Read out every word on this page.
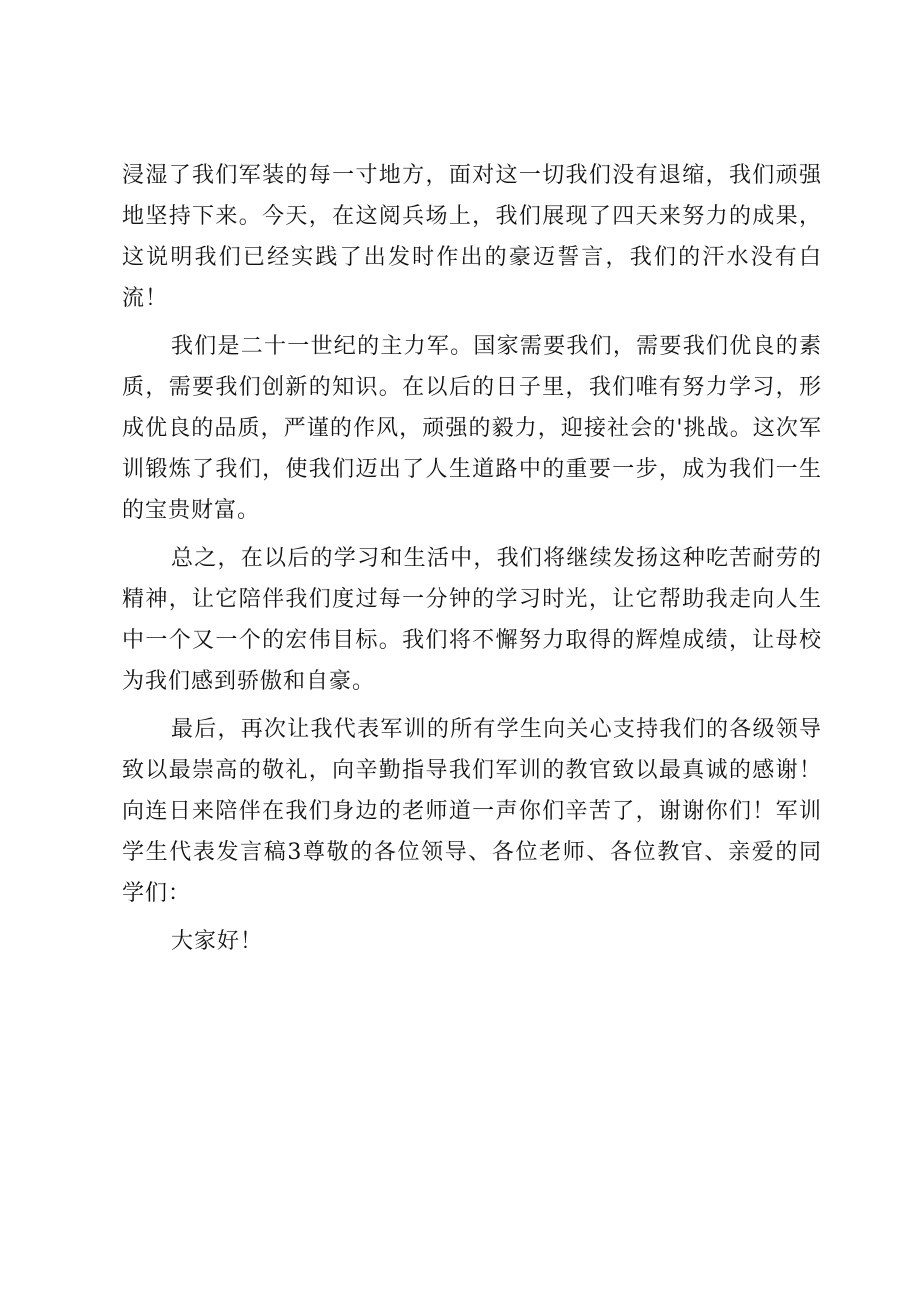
浸湿了我们军装的每一寸地方，面对这一切我们没有退缩，我们顽强
地坚持下来。今天，在这阅兵场上，我们展现了四天来努力的成果，
这说明我们已经实践了出发时作出的豪迈誓言，我们的汗水没有白
流！
我们是二十一世纪的主力军。国家需要我们，需要我们优良的素
质，需要我们创新的知识。在以后的日子里，我们唯有努力学习，形
成优良的品质，严谨的作风，顽强的毅力，迎接社会的'挑战。这次军
训锻炼了我们，使我们迈出了人生道路中的重要一步，成为我们一生
的宝贵财富。
总之，在以后的学习和生活中，我们将继续发扬这种吃苦耐劳的
精神，让它陪伴我们度过每一分钟的学习时光，让它帮助我走向人生
中一个又一个的宏伟目标。我们将不懈努力取得的辉煌成绩，让母校
为我们感到骄傲和自豪。
最后，再次让我代表军训的所有学生向关心支持我们的各级领导
致以最崇高的敬礼，向辛勤指导我们军训的教官致以最真诚的感谢！
向连日来陪伴在我们身边的老师道一声你们辛苦了，谢谢你们！军训
学生代表发言稿3尊敬的各位领导、各位老师、各位教官、亲爱的同
学们：
大家好！
